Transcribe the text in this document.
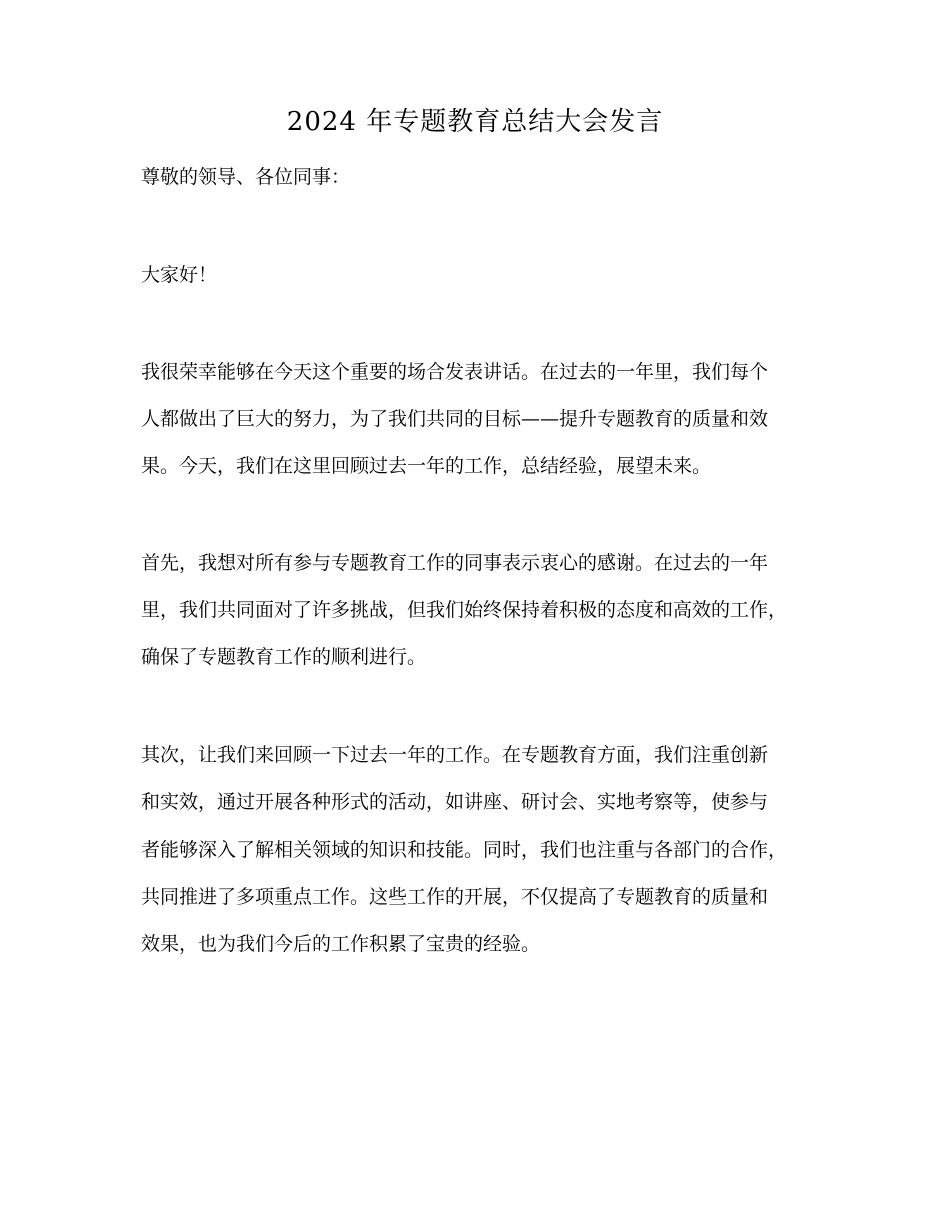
2024 年专题教育总结大会发言

尊敬的领导、各位同事：

大家好！

我很荣幸能够在今天这个重要的场合发表讲话。在过去的一年里，我们每个

人都做出了巨大的努力，为了我们共同的目标——提升专题教育的质量和效

果。今天，我们在这里回顾过去一年的工作，总结经验，展望未来。

首先，我想对所有参与专题教育工作的同事表示衷心的感谢。在过去的一年

里，我们共同面对了许多挑战，但我们始终保持着积极的态度和高效的工作，

确保了专题教育工作的顺利进行。

其次，让我们来回顾一下过去一年的工作。在专题教育方面，我们注重创新

和实效，通过开展各种形式的活动，如讲座、研讨会、实地考察等，使参与

者能够深入了解相关领域的知识和技能。同时，我们也注重与各部门的合作，

共同推进了多项重点工作。这些工作的开展，不仅提高了专题教育的质量和

效果，也为我们今后的工作积累了宝贵的经验。
